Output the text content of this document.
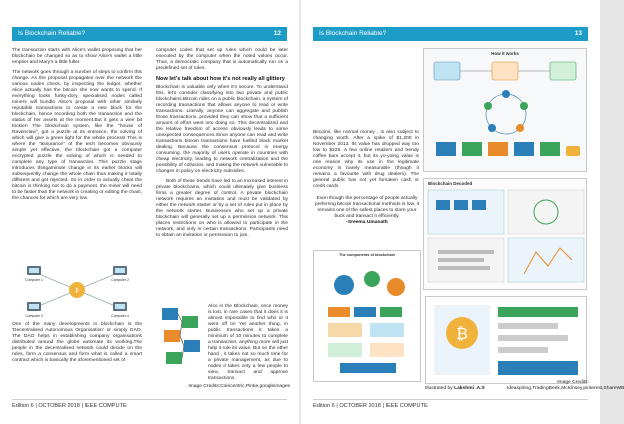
Is Blockchain Reliable?	12

The transaction starts with Alice's wallet proposing that her blockchain be changed so as to show Alice's wallet a little emptier and Mary's a little fuller.

The network goes through a number of steps to confirm this change. As the proposal propagates over the network the various nodes check, by inspecting the ledger, whether Alice actually has the bitcoin she now wants to spend. If everything looks funky-dory, specialised nodes called miners will bundle Alice's proposal with other similarly reputable transactions to create a new block for the blockchain, hence recording both the transaction and the status of her assets at the moment.But it gets a wee bit trickier! The blockchain system, like the "house of Ravenclaw", got a puzzle at its entrance, the solving of which will give a green light for the whole process! This is where the "assurance" of the tech becomes obviously simple yet effective, the blockchain got a computer encrypted puzzle the solving of which is needed to complete any type of transaction. This puzzle stage introduces thingaminute change in its earlier blocks will subsequently change the whole chain thus making it totally different and get rejected. So in order to actually cheat the bitcoin is thinking not to do a payment, the miner will need to be faster than the network in creating or editing the chain, the chances for which are very low.

₿
Computer 1	Computer 2
Computer 3	Computer 4
One of the many developments in blockchain is the 'Decentralised Autonomous Organisation' or simply DAO. The DAO helps in establishing company organisations distributed around the globe automate its working.The people in the decentralised network could decide on the rules, form a consensus and form what is called a smart contract which is basically the aforementioned set of

computer codes that set up rules which could be later executed by the computer when the noted values occur. Thus, a democratic company that is automatically run on a predefined set of rules.

Now let's talk about how it's not really all glittery

Blockchain is valuable only when it's secure. To understand this, let's consider classifying into two private and public blockchains.Bitcoin rides on a public blockchain, a system of recording transactions that allows anyone to read or write transactions. Literally, anyone can aggregate and publish those transactions, provided they can show that a sufficient amount of effort went into doing so. This decentralized and the relative freedom of access obviously leads to some unexpected consequences.Since anyone can read and write transactions bitcoin transactions have fuelled black market dealing. Because the consensus protocol is energy consuming, the majority of users operate in countries with cheap electricity, leading to network centralization and the possibility of collusion, and making the network vulnerable to changes in policy on electricity subsidies.

Both of these trends have led to an increased interest in private blockchains, which could ultimately give business firms a greater degree of control. A private blockchain network requires an invitation and must be validated by either the network starter or by a set of rules put in place by the network starter. Businesses who set up a private blockchain will generally set up a permission network. This places restrictions on who is allowed to participate in the network, and only in certain transactions. Participants need to obtain an invitation or permission to join.

Also in the Blockchain, once money is lost, in rare cases that it does it is almost impossible to find who or it went off to! Yet another thing, in public transactions it takes a minimum of 10 minutes to complete a transaction, anything more will just help it rule its value. But on the other hand , it takes not so much time for a private management, as due to nodes it takes only a few people to view, transact and approve transactions.
Image Credits:Coincentric,Pintie,googleimages
Edition 6 | OCTOBER 2018 | IEEE COMPUTE
Is Blockchain Reliable?	13
How it works
Bitcoins, like normal money , is also subject to changing worth. After a spike of $1,200 in November 2013. Its value has dropped way too low to $225. A few online retailers and trendy coffee bars accept it, but its yo-yoing value is one reason why its use in the legitimate economy is barely measurable (though it remains a favourite with drug dealers). The general public has not yet forsaken cash or credit cards.
Even though the percentage of people actually preferring bitcoin transactional methods is low, it remains one of the safest places to store your buck and transact it efficiently.
-Sreema Umanath
Blockchain Decoded
The components of blockchain
₿
Illustrated by Lakshmi .A.S
Image Credits: Ideaspiring,TradingBeek,McKinsey,pinterest,ShareWB
Edition 6 | OCTOBER 2018 | IEEE COMPUTE
